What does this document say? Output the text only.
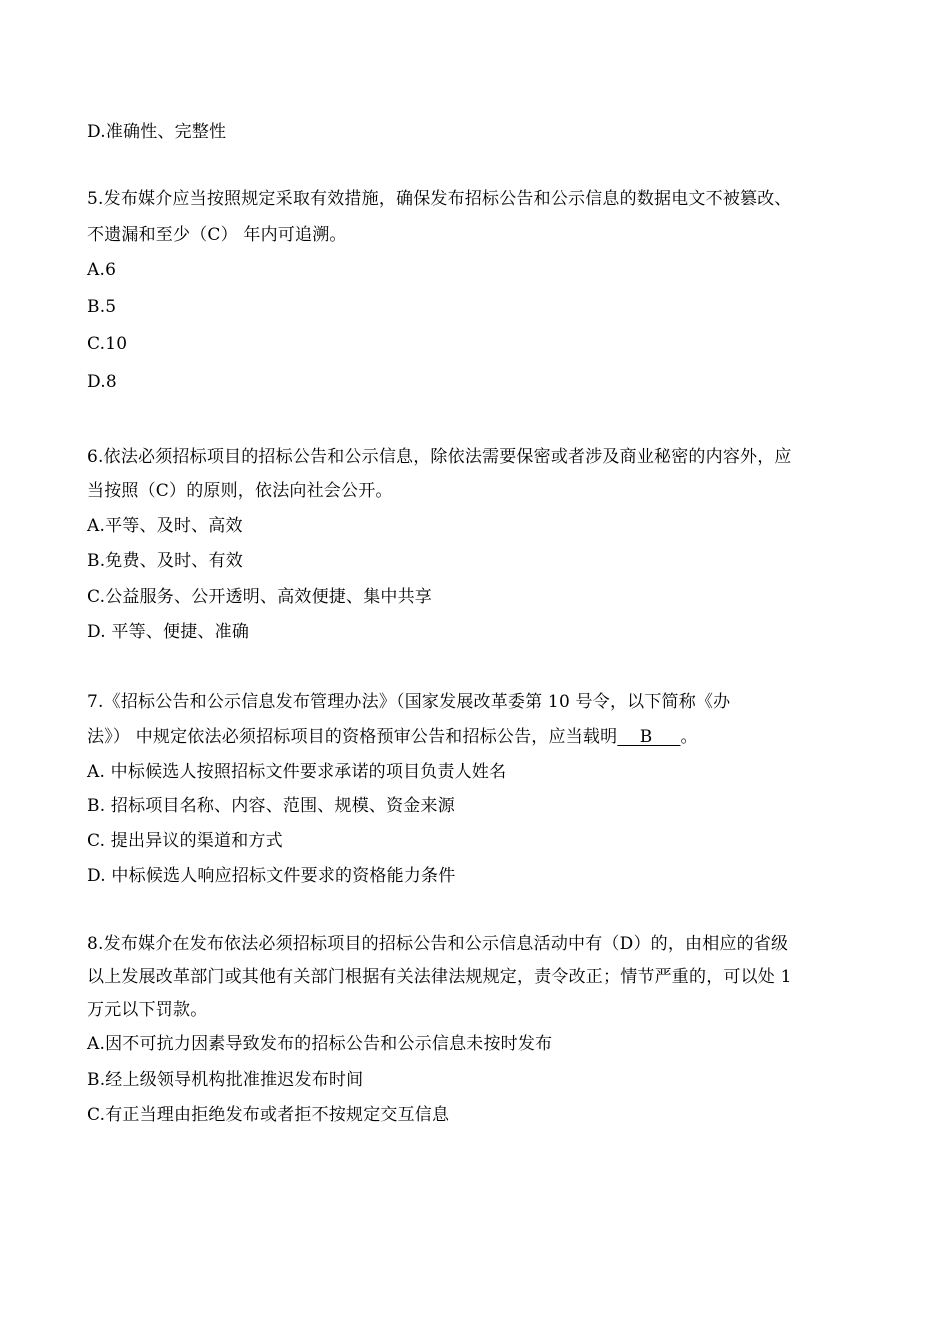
D.准确性、完整性
5.发布媒介应当按照规定采取有效措施，确保发布招标公告和公示信息的数据电文不被篡改、
不遗漏和至少（C） 年内可追溯。
A.6
B.5
C.10
D.8
6.依法必须招标项目的招标公告和公示信息，除依法需要保密或者涉及商业秘密的内容外，应
当按照（C）的原则，依法向社会公开。
A.平等、及时、高效
B.免费、及时、有效
C.公益服务、公开透明、高效便捷、集中共享
D. 平等、便捷、准确
7.《招标公告和公示信息发布管理办法》（国家发展改革委第 10 号令，以下简称《办
法》） 中规定依法必须招标项目的资格预审公告和招标公告，应当载明    B     。
A. 中标候选人按照招标文件要求承诺的项目负责人姓名
B. 招标项目名称、内容、范围、规模、资金来源
C. 提出异议的渠道和方式
D. 中标候选人响应招标文件要求的资格能力条件
8.发布媒介在发布依法必须招标项目的招标公告和公示信息活动中有（D）的，由相应的省级
以上发展改革部门或其他有关部门根据有关法律法规规定，责令改正；情节严重的，可以处 1
万元以下罚款。
A.因不可抗力因素导致发布的招标公告和公示信息未按时发布
B.经上级领导机构批准推迟发布时间
C.有正当理由拒绝发布或者拒不按规定交互信息
